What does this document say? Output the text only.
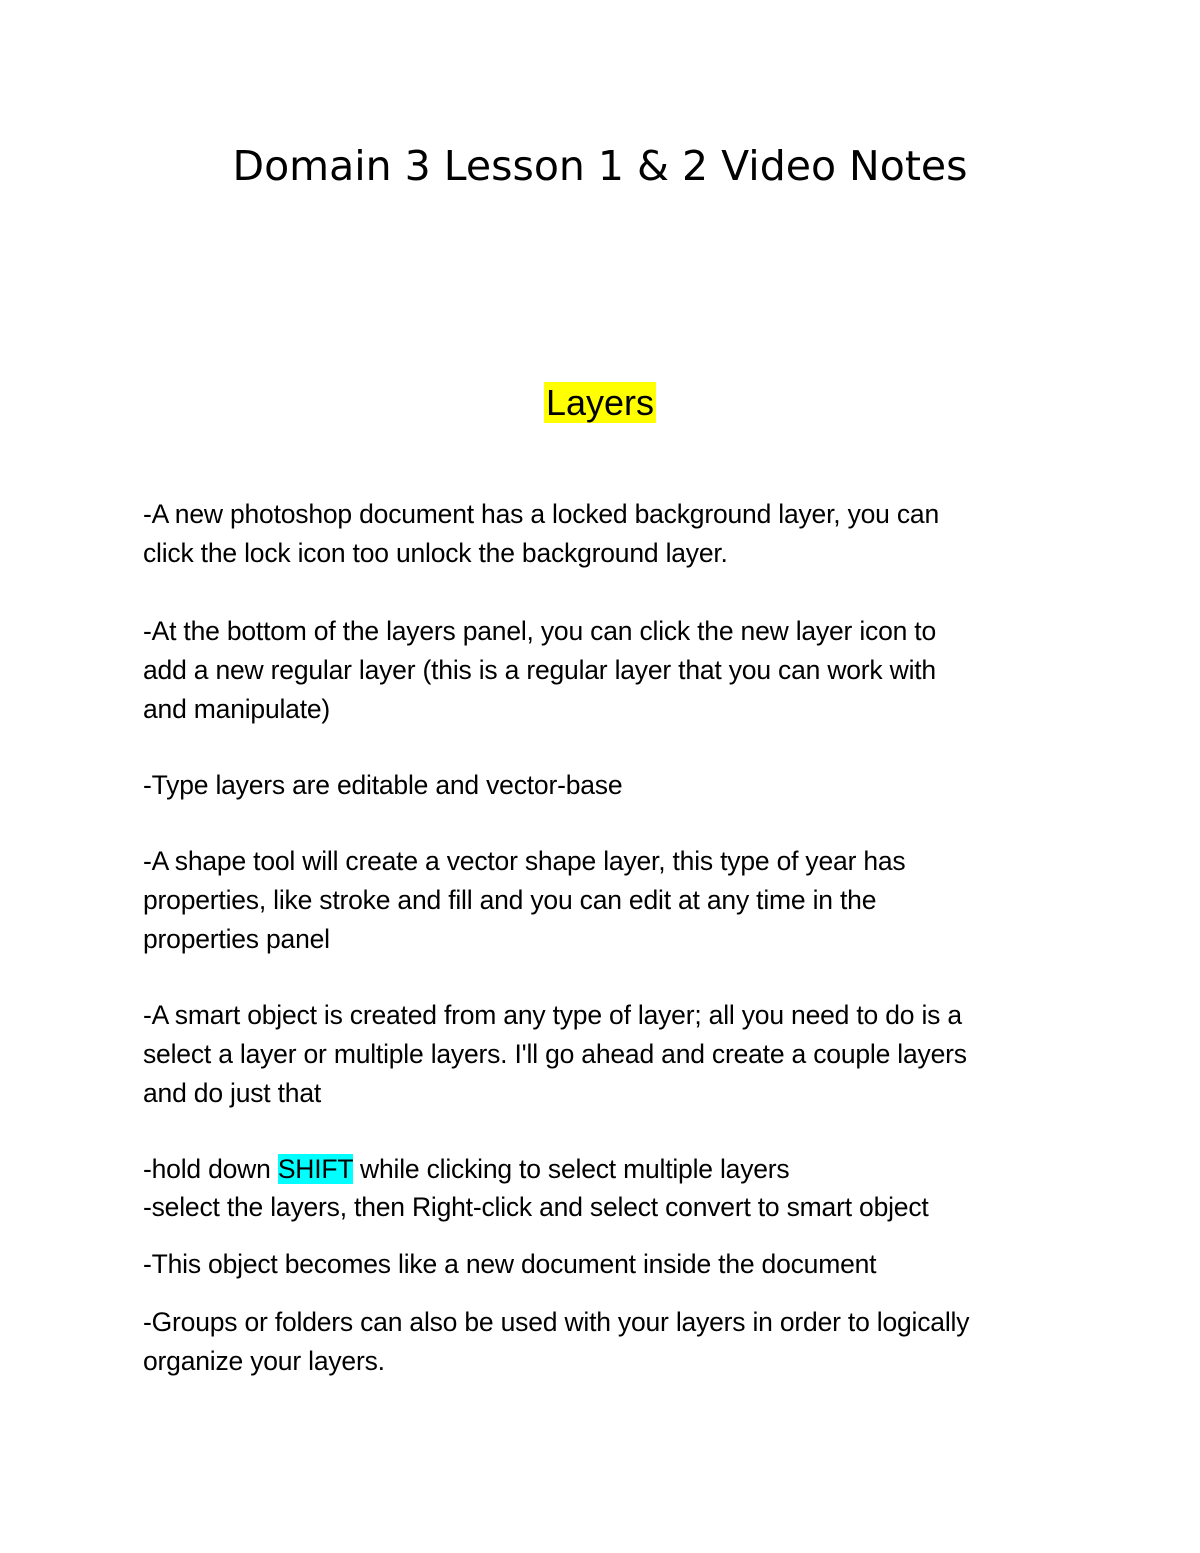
Domain 3 Lesson 1 & 2 Video Notes
Layers

-A new photoshop document has a locked background layer, you can
click the lock icon too unlock the background layer.

-At the bottom of the layers panel, you can click the new layer icon to
add a new regular layer (this is a regular layer that you can work with
and manipulate)

-Type layers are editable and vector-base

-A shape tool will create a vector shape layer, this type of year has
properties, like stroke and fill and you can edit at any time in the
properties panel

-A smart object is created from any type of layer; all you need to do is a
select a layer or multiple layers. I'll go ahead and create a couple layers
and do just that

-hold down SHIFT while clicking to select multiple layers

-select the layers, then Right-click and select convert to smart object

-This object becomes like a new document inside the document

-Groups or folders can also be used with your layers in order to logically
organize your layers.
